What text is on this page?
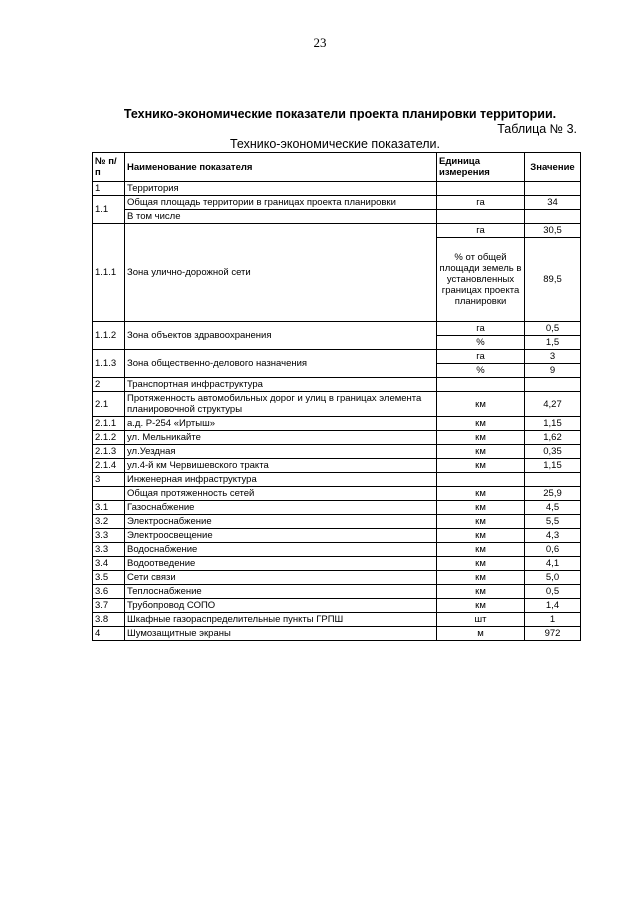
23
Технико-экономические показатели проекта планировки территории.
Таблица № 3.
Технико-экономические показатели.
№ п/п	Наименование показателя	Единица измерения	Значение
1	Территория		
1.1	Общая площадь территории в границах проекта планировки	га	34
	В том числе		
1.1.1	Зона улично-дорожной сети	га	30,5
		% от общей площади земель в установленных границах проекта планировки	89,5
1.1.2	Зона объектов здравоохранения	га	0,5
		%	1,5
1.1.3	Зона общественно-делового назначения	га	3
		%	9
2	Транспортная инфраструктура		
2.1	Протяженность автомобильных дорог и улиц в границах элемента планировочной структуры	км	4,27
2.1.1	а.д. Р-254 «Иртыш»	км	1,15
2.1.2	ул. Мельникайте	км	1,62
2.1.3	ул.Уездная	км	0,35
2.1.4	ул.4-й км Червишевского тракта	км	1,15
3	Инженерная инфраструктура		
	Общая протяженность сетей	км	25,9
3.1	Газоснабжение	км	4,5
3.2	Электроснабжение	км	5,5
3.3	Электроосвещение	км	4,3
3.3	Водоснабжение	км	0,6
3.4	Водоотведение	км	4,1
3.5	Сети связи	км	5,0
3.6	Теплоснабжение	км	0,5
3.7	Трубопровод СОПО	км	1,4
3.8	Шкафные газораспределительные пункты ГРПШ	шт	1
4	Шумозащитные экраны	м	972
